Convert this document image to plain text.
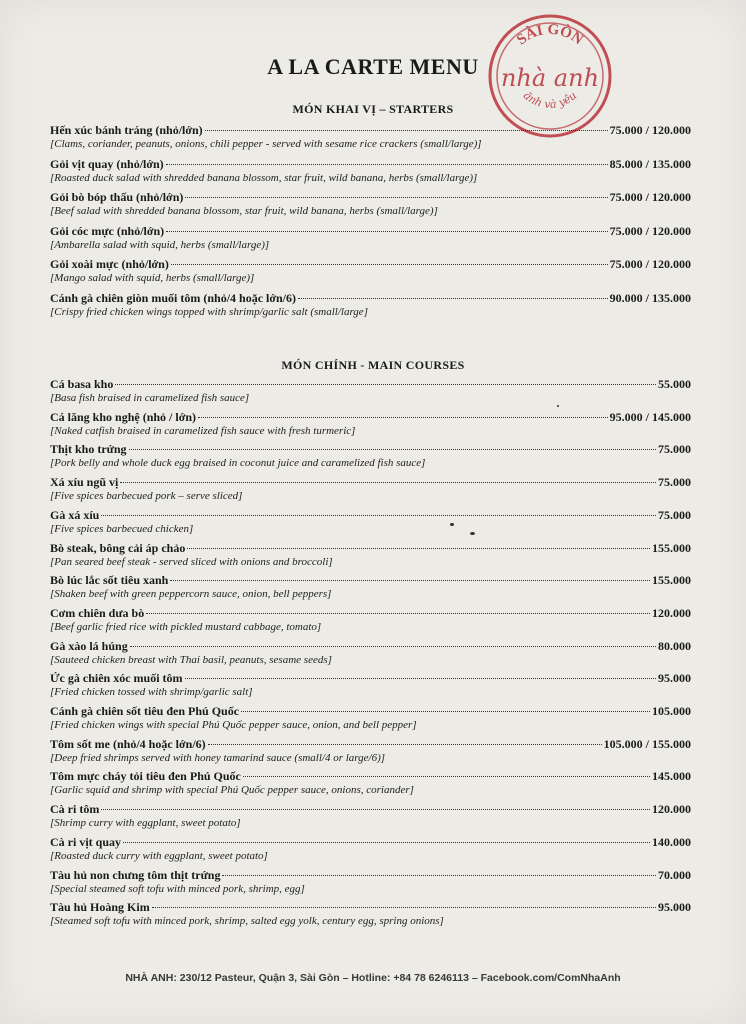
A LA CARTE MENU
SÀI GÒN
nhà anh
ănh và yêu
MÓN KHAI VỊ – STARTERS
Hến xúc bánh tráng (nhỏ/lớn)	75.000 / 120.000
[Clams, coriander, peanuts, onions, chili pepper - served with sesame rice crackers (small/large)]
Gỏi vịt quay (nhỏ/lớn)	85.000 / 135.000
[Roasted duck salad with shredded banana blossom, star fruit, wild banana, herbs (small/large)]
Gỏi bò bóp thấu (nhỏ/lớn)	75.000 / 120.000
[Beef salad with shredded banana blossom, star fruit, wild banana, herbs (small/large)]
Gỏi cóc mực (nhỏ/lớn)	75.000 / 120.000
[Ambarella salad with squid, herbs (small/large)]
Gỏi xoài mực (nhỏ/lớn)	75.000 / 120.000
[Mango salad with squid, herbs (small/large)]
Cánh gà chiên giòn muối tôm (nhỏ/4 hoặc lớn/6)	90.000 / 135.000
[Crispy fried chicken wings topped with shrimp/garlic salt (small/large]
MÓN CHÍNH - MAIN COURSES
Cá basa kho	55.000
[Basa fish braised in caramelized fish sauce]
Cá lăng kho nghệ (nhỏ / lớn)	95.000 / 145.000
[Naked catfish braised in caramelized fish sauce with fresh turmeric]
Thịt kho trứng	75.000
[Pork belly and whole duck egg braised in coconut juice and caramelized fish sauce]
Xá xíu ngũ vị	75.000
[Five spices barbecued pork – serve sliced]
Gà xá xíu	75.000
[Five spices barbecued chicken]
Bò steak, bông cải áp chảo	155.000
[Pan seared beef steak - served sliced with onions and broccoli]
Bò lúc lắc sốt tiêu xanh	155.000
[Shaken beef with green peppercorn sauce, onion, bell peppers]
Cơm chiên dưa bò	120.000
[Beef garlic fried rice with pickled mustard cabbage, tomato]
Gà xào lá húng	80.000
[Sauteed chicken breast with Thai basil, peanuts, sesame seeds]
Ức gà chiên xóc muối tôm	95.000
[Fried chicken tossed with shrimp/garlic salt]
Cánh gà chiên sốt tiêu đen Phú Quốc	105.000
[Fried chicken wings with special Phú Quốc pepper sauce, onion, and bell pepper]
Tôm sốt me (nhỏ/4 hoặc lớn/6)	105.000 / 155.000
[Deep fried shrimps served with honey tamarind sauce (small/4 or large/6)]
Tôm mực cháy tỏi tiêu đen Phú Quốc	145.000
[Garlic squid and shrimp with special Phú Quốc pepper sauce, onions, coriander]
Cà ri tôm	120.000
[Shrimp curry with eggplant, sweet potato]
Cà ri vịt quay	140.000
[Roasted duck curry with eggplant, sweet potato]
Tàu hủ non chưng tôm thịt trứng	70.000
[Special steamed soft tofu with minced pork, shrimp, egg]
Tàu hủ Hoàng Kim	95.000
[Steamed soft tofu with minced pork, shrimp, salted egg yolk, century egg, spring onions]
NHÀ ANH: 230/12 Pasteur, Quận 3, Sài Gòn – Hotline: +84 78 6246113 – Facebook.com/ComNhaAnh
